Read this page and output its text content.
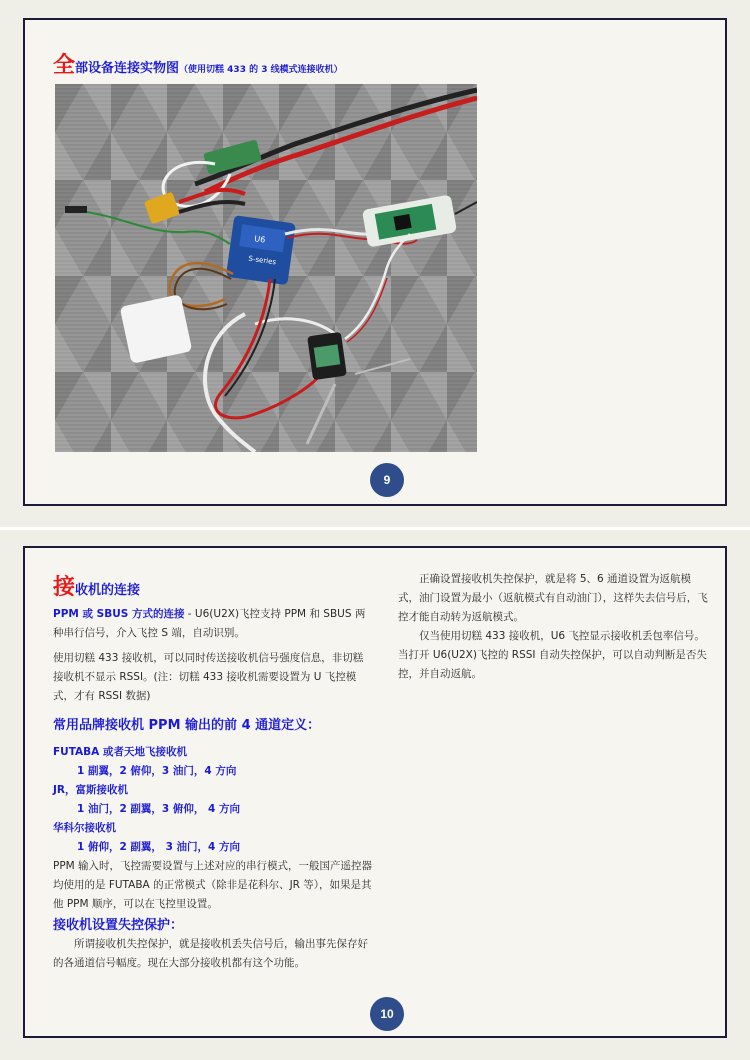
全部设备连接实物图（使用切糕 433 的 3 线模式连接收机）
S-series
U6
9

接收机的连接

PPM 或 SBUS 方式的连接 - U6(U2X)飞控支持 PPM 和 SBUS 两种串行信号，介入飞控 S 端，自动识别。

使用切糕 433 接收机，可以同时传送接收机信号强度信息，非切糕接收机不显示 RSSI。(注：切糕 433 接收机需要设置为 U 飞控模式，才有 RSSI 数据)

常用品牌接收机 PPM 输出的前 4 通道定义：

FUTABA 或者天地飞接收机

1 副翼，2 俯仰，3 油门，4 方向

JR，富斯接收机

1 油门，2 副翼，3 俯仰， 4 方向

华科尔接收机

1 俯仰，2 副翼， 3 油门，4 方向

PPM 输入时，飞控需要设置与上述对应的串行模式，一般国产遥控器均使用的是 FUTABA 的正常模式（除非是花科尔、JR 等），如果是其他 PPM 顺序，可以在飞控里设置。

接收机设置失控保护：

所谓接收机失控保护，就是接收机丢失信号后，输出事先保存好的各通道信号幅度。现在大部分接收机都有这个功能。

正确设置接收机失控保护，就是将 5、6 通道设置为返航模式，油门设置为最小（返航模式有自动油门），这样失去信号后，飞控才能自动转为返航模式。

仅当使用切糕 433 接收机，U6 飞控显示接收机丢包率信号。当打开 U6(U2X)飞控的 RSSI 自动失控保护，可以自动判断是否失控，并自动返航。

10
